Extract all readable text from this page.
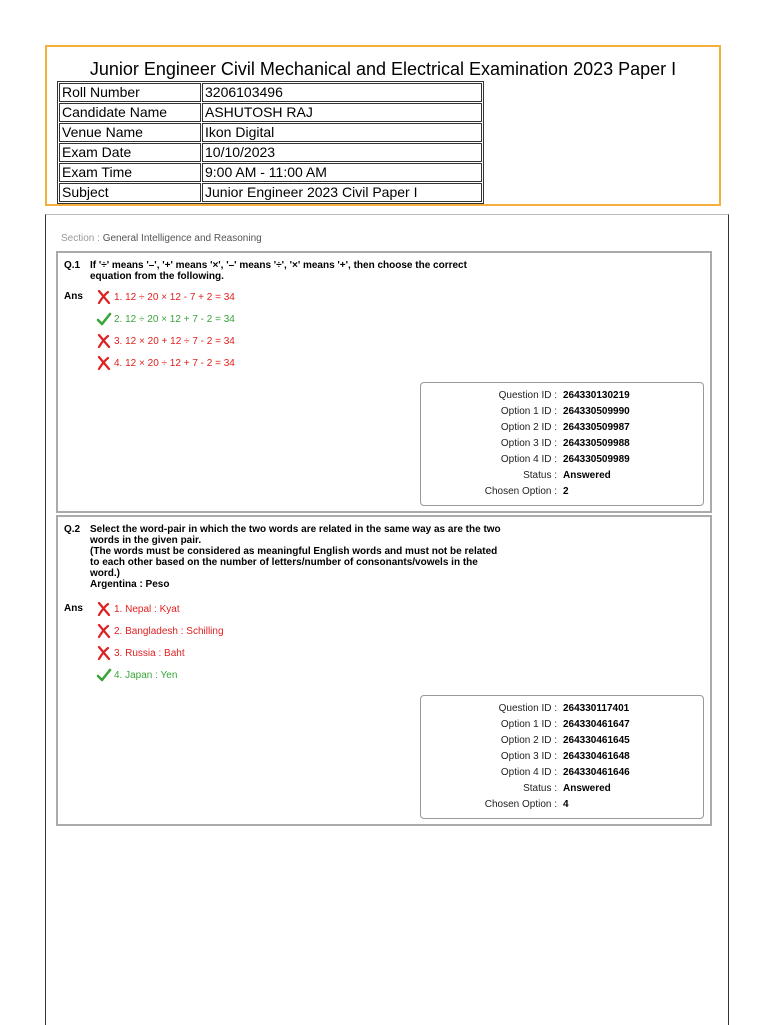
Junior Engineer Civil Mechanical and Electrical Examination 2023 Paper I
Roll Number	3206103496
Candidate Name	ASHUTOSH RAJ
Venue Name	Ikon Digital
Exam Date	10/10/2023
Exam Time	9:00 AM - 11:00 AM
Subject	Junior Engineer 2023 Civil Paper I
Section : General Intelligence and Reasoning
Q.1 If '÷' means '–', '+' means '×', '–' means '÷', '×' means '+', then choose the correct
equation from the following.
Ans	1. 12 ÷ 20 × 12 - 7 + 2 = 34
2. 12 ÷ 20 × 12 + 7 - 2 = 34
3. 12 × 20 + 12 ÷ 7 - 2 = 34
4. 12 × 20 ÷ 12 + 7 - 2 = 34
Question ID : 264330130219
Option 1 ID : 264330509990
Option 2 ID : 264330509987
Option 3 ID : 264330509988
Option 4 ID : 264330509989
Status : Answered
Chosen Option : 2
Q.2 Select the word-pair in which the two words are related in the same way as are the two
words in the given pair.
(The words must be considered as meaningful English words and must not be related
to each other based on the number of letters/number of consonants/vowels in the
word.)
Argentina : Peso
Ans	1. Nepal : Kyat
2. Bangladesh : Schilling
3. Russia : Baht
4. Japan : Yen
Question ID : 264330117401
Option 1 ID : 264330461647
Option 2 ID : 264330461645
Option 3 ID : 264330461648
Option 4 ID : 264330461646
Status : Answered
Chosen Option : 4
